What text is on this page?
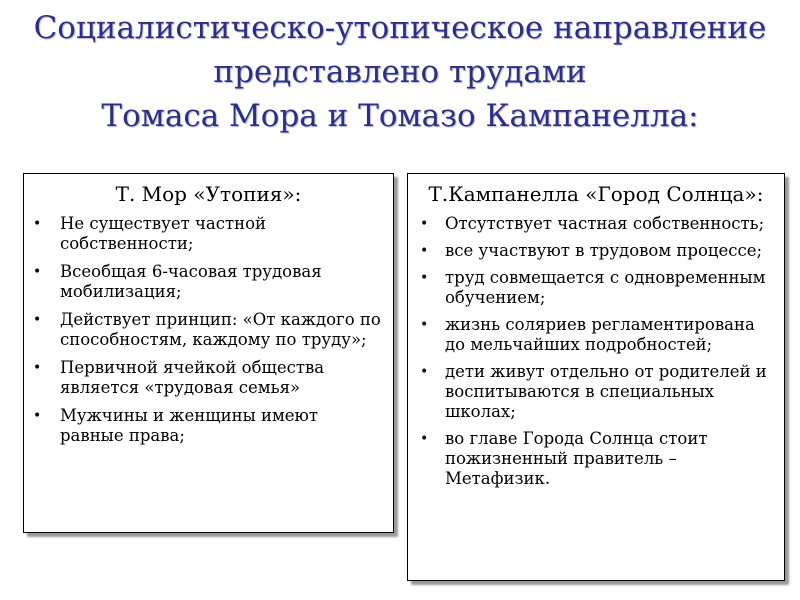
Социалистическо-утопическое направление
представлено трудами
Томаса Мора и Томазо Кампанелла:
Т. Мор «Утопия»:
• Не существует частной собственности;
• Всеобщая 6-часовая трудовая мобилизация;
• Действует принцип: «От каждого по способностям, каждому по труду»;
• Первичной ячейкой общества является «трудовая семья»
• Мужчины и женщины имеют равные права;
Т.Кампанелла «Город Солнца»:
• Отсутствует частная собственность;
• все участвуют в трудовом процессе;
• труд совмещается с одновременным обучением;
• жизнь соляриев регламентирована до мельчайших подробностей;
• дети живут отдельно от родителей и воспитываются в специальных школах;
• во главе Города Солнца стоит пожизненный правитель – Метафизик.
